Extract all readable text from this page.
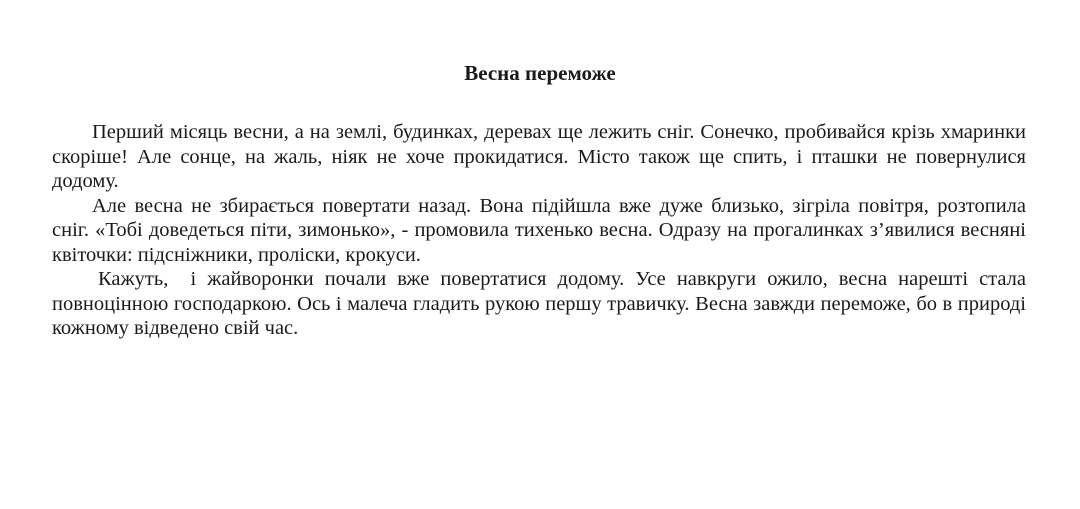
Весна переможе

Перший місяць весни, а на землі, будинках, деревах ще лежить сніг. Сонечко, пробивайся крізь хмаринки скоріше! Але сонце, на жаль, ніяк не хоче прокидатися. Місто також ще спить, і пташки не повернулися додому.

Але весна не збирається повертати назад. Вона підійшла вже дуже близько, зігріла повітря, розтопила сніг. «Тобі доведеться піти, зимонько», - промовила тихенько весна. Одразу на прогалинках з’явилися весняні квіточки: підсніжники, проліски, крокуси.

Кажуть,  і жайворонки почали вже повертатися додому. Усе навкруги ожило, весна нарешті стала повноцінною господаркою. Ось і малеча гладить рукою першу травичку. Весна завжди переможе, бо в природі кожному відведено свій час.
